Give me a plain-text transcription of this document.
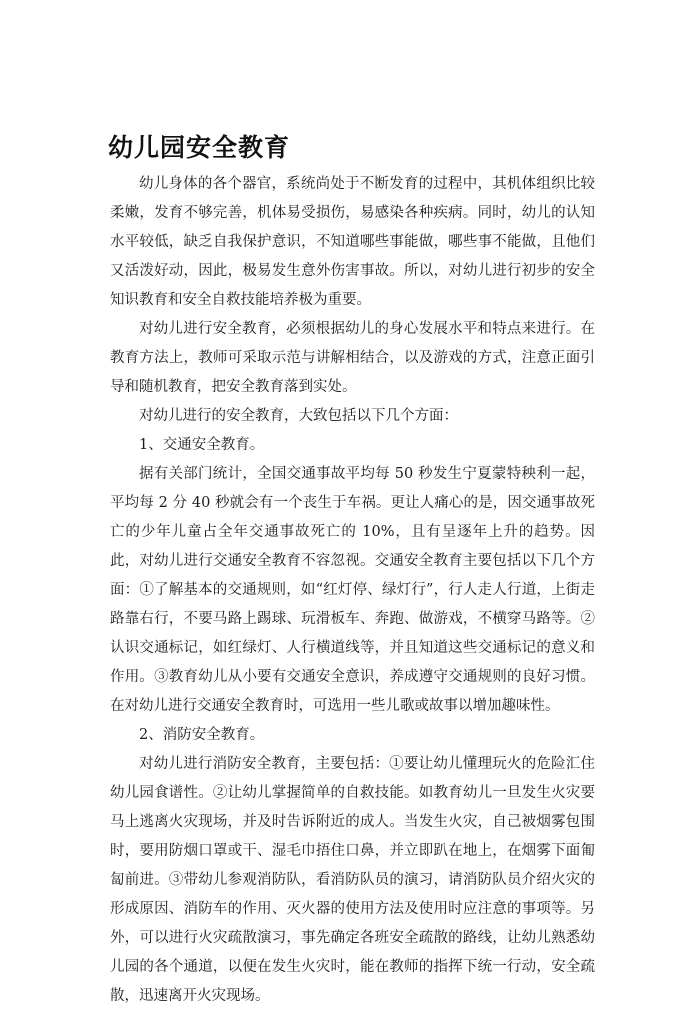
幼儿园安全教育

幼儿身体的各个器官，系统尚处于不断发育的过程中，其机体组织比较柔嫩，发育不够完善，机体易受损伤，易感染各种疾病。同时，幼儿的认知水平较低，缺乏自我保护意识，不知道哪些事能做，哪些事不能做，且他们又活泼好动，因此，极易发生意外伤害事故。所以，对幼儿进行初步的安全知识教育和安全自救技能培养极为重要。

对幼儿进行安全教育，必须根据幼儿的身心发展水平和特点来进行。在教育方法上，教师可采取示范与讲解相结合，以及游戏的方式，注意正面引导和随机教育，把安全教育落到实处。

对幼儿进行的安全教育，大致包括以下几个方面：

1、交通安全教育。

据有关部门统计，全国交通事故平均每 50 秒发生宁夏蒙特秧利一起，平均每 2 分 40 秒就会有一个丧生于车祸。更让人痛心的是，因交通事故死亡的少年儿童占全年交通事故死亡的 10%，且有呈逐年上升的趋势。因此，对幼儿进行交通安全教育不容忽视。交通安全教育主要包括以下几个方面：①了解基本的交通规则，如“红灯停、绿灯行”，行人走人行道，上街走路靠右行，不要马路上踢球、玩滑板车、奔跑、做游戏，不横穿马路等。②认识交通标记，如红绿灯、人行横道线等，并且知道这些交通标记的意义和作用。③教育幼儿从小要有交通安全意识，养成遵守交通规则的良好习惯。在对幼儿进行交通安全教育时，可选用一些儿歌或故事以增加趣味性。

2、消防安全教育。

对幼儿进行消防安全教育，主要包括：①要让幼儿懂理玩火的危险汇住幼儿园食谱性。②让幼儿掌握简单的自救技能。如教育幼儿一旦发生火灾要马上逃离火灾现场，并及时告诉附近的成人。当发生火灾，自己被烟雾包围时，要用防烟口罩或干、湿毛巾捂住口鼻，并立即趴在地上，在烟雾下面匍匐前进。③带幼儿参观消防队，看消防队员的演习，请消防队员介绍火灾的形成原因、消防车的作用、灭火器的使用方法及使用时应注意的事项等。另外，可以进行火灾疏散演习，事先确定各班安全疏散的路线，让幼儿熟悉幼儿园的各个通道，以便在发生火灾时，能在教师的指挥下统一行动，安全疏散，迅速离开火灾现场。
